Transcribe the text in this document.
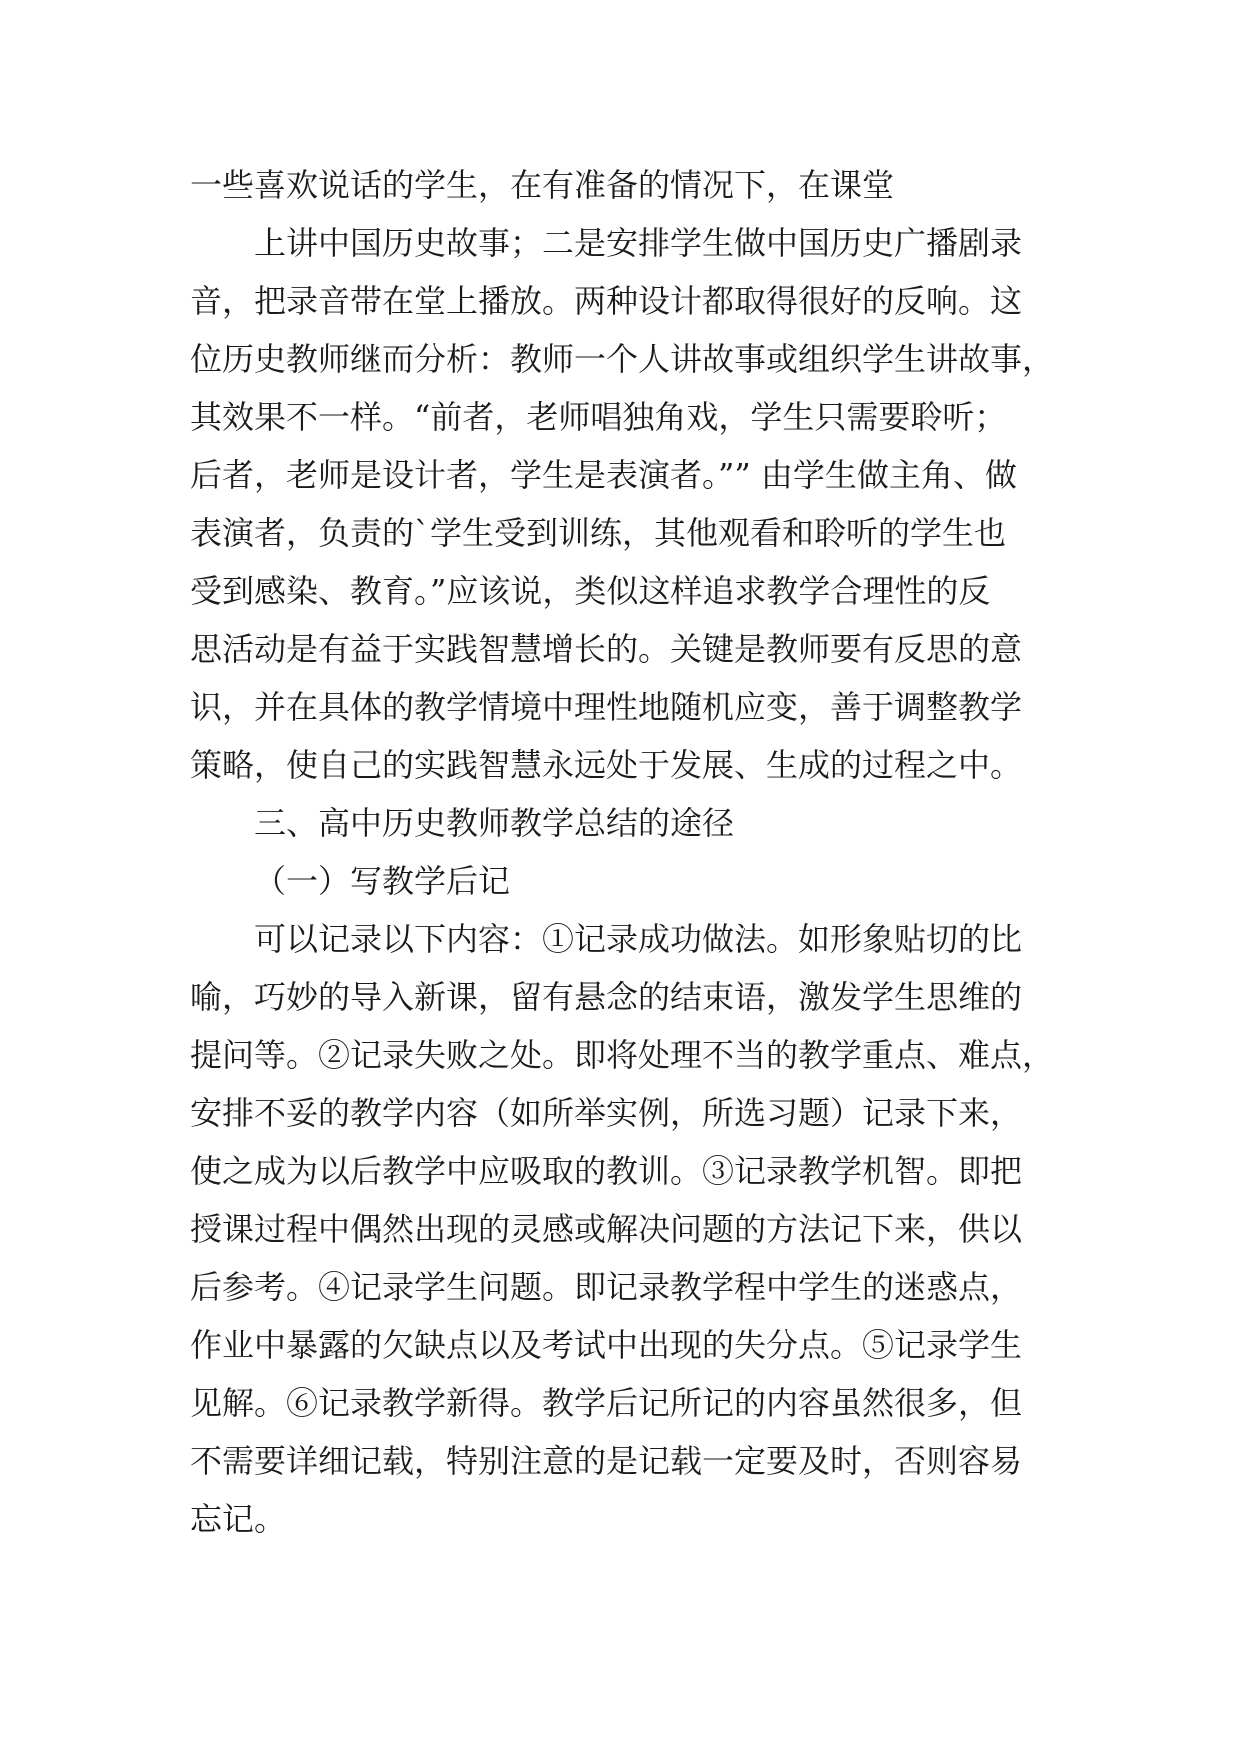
一些喜欢说话的学生，在有准备的情况下，在课堂
上讲中国历史故事；二是安排学生做中国历史广播剧录
音，把录音带在堂上播放。两种设计都取得很好的反响。这
位历史教师继而分析：教师一个人讲故事或组织学生讲故事，
其效果不一样。“前者，老师唱独角戏，学生只需要聆听；
后者，老师是设计者，学生是表演者。”” 由学生做主角、做
表演者，负责的`学生受到训练，其他观看和聆听的学生也
受到感染、教育。”应该说，类似这样追求教学合理性的反
思活动是有益于实践智慧增长的。关键是教师要有反思的意
识，并在具体的教学情境中理性地随机应变，善于调整教学
策略，使自己的实践智慧永远处于发展、生成的过程之中。
三、高中历史教师教学总结的途径
（一）写教学后记
可以记录以下内容：①记录成功做法。如形象贴切的比
喻，巧妙的导入新课，留有悬念的结束语，激发学生思维的
提问等。②记录失败之处。即将处理不当的教学重点、难点，
安排不妥的教学内容（如所举实例，所选习题）记录下来，
使之成为以后教学中应吸取的教训。③记录教学机智。即把
授课过程中偶然出现的灵感或解决问题的方法记下来，供以
后参考。④记录学生问题。即记录教学程中学生的迷惑点，
作业中暴露的欠缺点以及考试中出现的失分点。⑤记录学生
见解。⑥记录教学新得。教学后记所记的内容虽然很多，但
不需要详细记载，特别注意的是记载一定要及时，否则容易
忘记。
